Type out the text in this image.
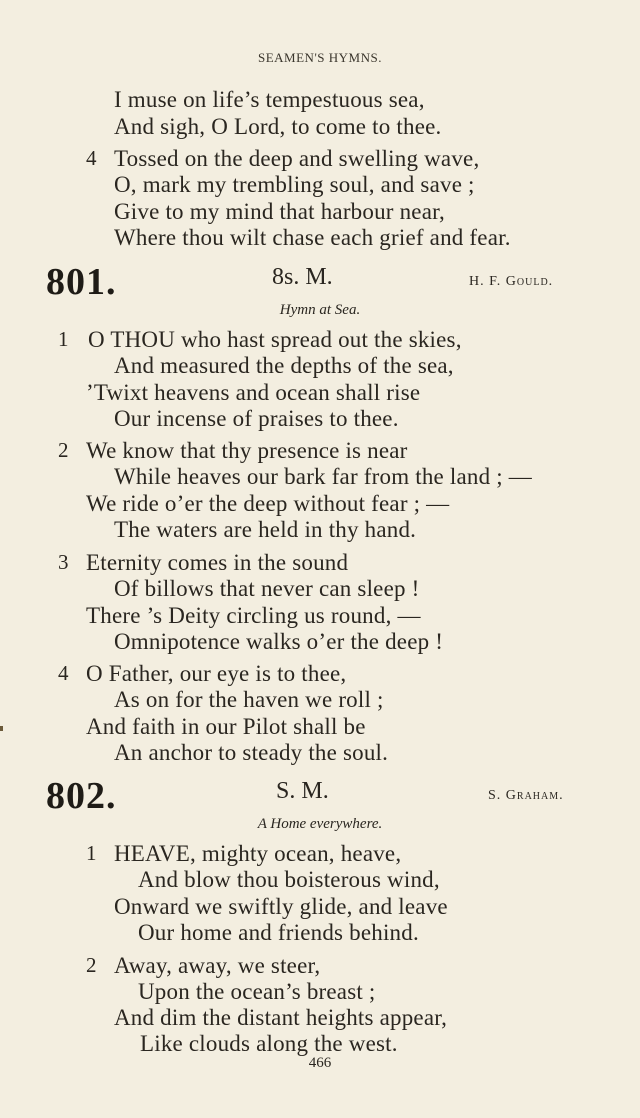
SEAMEN'S HYMNS.
I muse on life’s tempestuous sea,
And sigh, O Lord, to come to thee.
4 Tossed on the deep and swelling wave,
O, mark my trembling soul, and save ;
Give to my mind that harbour near,
Where thou wilt chase each grief and fear.
801.	8s. M.	H. F. Gould.
Hymn at Sea.
1 O THOU who hast spread out the skies,
And measured the depths of the sea,
’Twixt heavens and ocean shall rise
Our incense of praises to thee.
2 We know that thy presence is near
While heaves our bark far from the land ; —
We ride o’er the deep without fear ; —
The waters are held in thy hand.
3 Eternity comes in the sound
Of billows that never can sleep !
There ’s Deity circling us round, —
Omnipotence walks o’er the deep !
4 O Father, our eye is to thee,
As on for the haven we roll ;
And faith in our Pilot shall be
An anchor to steady the soul.
802.	S. M.	S. Graham.
A Home everywhere.
1 HEAVE, mighty ocean, heave,
And blow thou boisterous wind,
Onward we swiftly glide, and leave
Our home and friends behind.
2 Away, away, we steer,
Upon the ocean’s breast ;
And dim the distant heights appear,
Like clouds along the west.
466
